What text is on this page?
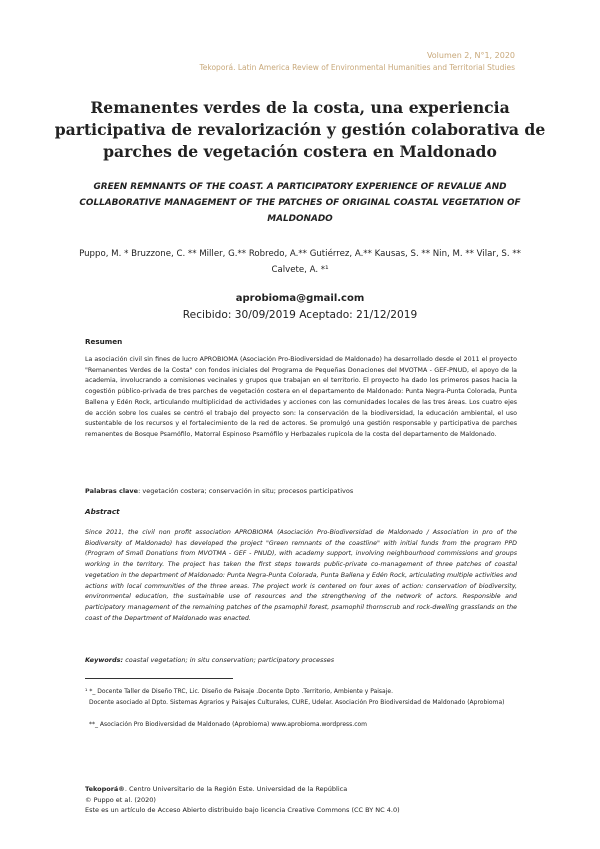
Volumen 2, N°1, 2020
Tekoporá. Latin America Review of Environmental Humanities and Territorial Studies
Remanentes verdes de la costa, una experiencia participativa de revalorización y gestión colaborativa de parches de vegetación costera en Maldonado
GREEN REMNANTS OF THE COAST. A PARTICIPATORY EXPERIENCE OF REVALUE AND COLLABORATIVE MANAGEMENT OF THE PATCHES OF ORIGINAL COASTAL VEGETATION OF MALDONADO
Puppo, M. * Bruzzone, C. ** Miller, G.** Robredo, A.** Gutiérrez, A.** Kausas, S. ** Nin, M. ** Vilar, S. ** Calvete, A. *¹
aprobioma@gmail.com
Recibido: 30/09/2019 Aceptado: 21/12/2019
Resumen
La asociación civil sin fines de lucro APROBIOMA (Asociación Pro-Biodiversidad de Maldonado) ha desarrollado desde el 2011 el proyecto "Remanentes Verdes de la Costa" con fondos iniciales del Programa de Pequeñas Donaciones del MVOTMA - GEF-PNUD, el apoyo de la academia, involucrando a comisiones vecinales y grupos que trabajan en el territorio. El proyecto ha dado los primeros pasos hacia la cogestión público-privada de tres parches de vegetación costera en el departamento de Maldonado: Punta Negra-Punta Colorada, Punta Ballena y Edén Rock, articulando multiplicidad de actividades y acciones con las comunidades locales de las tres áreas. Los cuatro ejes de acción sobre los cuales se centró el trabajo del proyecto son: la conservación de la biodiversidad, la educación ambiental, el uso sustentable de los recursos y el fortalecimiento de la red de actores. Se promulgó una gestión responsable y participativa de parches remanentes de Bosque Psamófilo, Matorral Espinoso Psamófilo y Herbazales rupícola de la costa del departamento de Maldonado.
Palabras clave: vegetación costera; conservación in situ; procesos participativos
Abstract
Since 2011, the civil non profit association APROBIOMA (Asociación Pro-Biodiversidad de Maldonado / Association in pro of the Biodiversity of Maldonado) has developed the project "Green remnants of the coastline" with initial funds from the program PPD (Program of Small Donations from MVOTMA - GEF - PNUD), with academy support, involving neighbourhood commissions and groups working in the territory. The project has taken the first steps towards public-private co-management of three patches of coastal vegetation in the department of Maldonado: Punta Negra-Punta Colorada, Punta Ballena y Edén Rock, articulating multiple activities and actions with local communities of the three areas. The project work is centered on four axes of action: conservation of biodiversity, environmental education, the sustainable use of resources and the strengthening of the network of actors. Responsible and participatory management of the remaining patches of the psamophil forest, psamophil thornscrub and rock-dwelling grasslands on the coast of the Department of Maldonado was enacted.
Keywords: coastal vegetation; in situ conservation; participatory processes
¹ *_ Docente Taller de Diseño TRC, Lic. Diseño de Paisaje .Docente Dpto .Territorio, Ambiente y Paisaje.
Docente asociado al Dpto. Sistemas Agrarios y Paisajes Culturales, CURE, Udelar. Asociación Pro Biodiversidad de Maldonado (Aprobioma)
**_ Asociación Pro Biodiversidad de Maldonado (Aprobioma) www.aprobioma.wordpress.com
Tekoporá®. Centro Universitario de la Región Este. Universidad de la República
© Puppo et al. (2020)
Este es un artículo de Acceso Abierto distribuido bajo licencia Creative Commons (CC BY NC 4.0)
